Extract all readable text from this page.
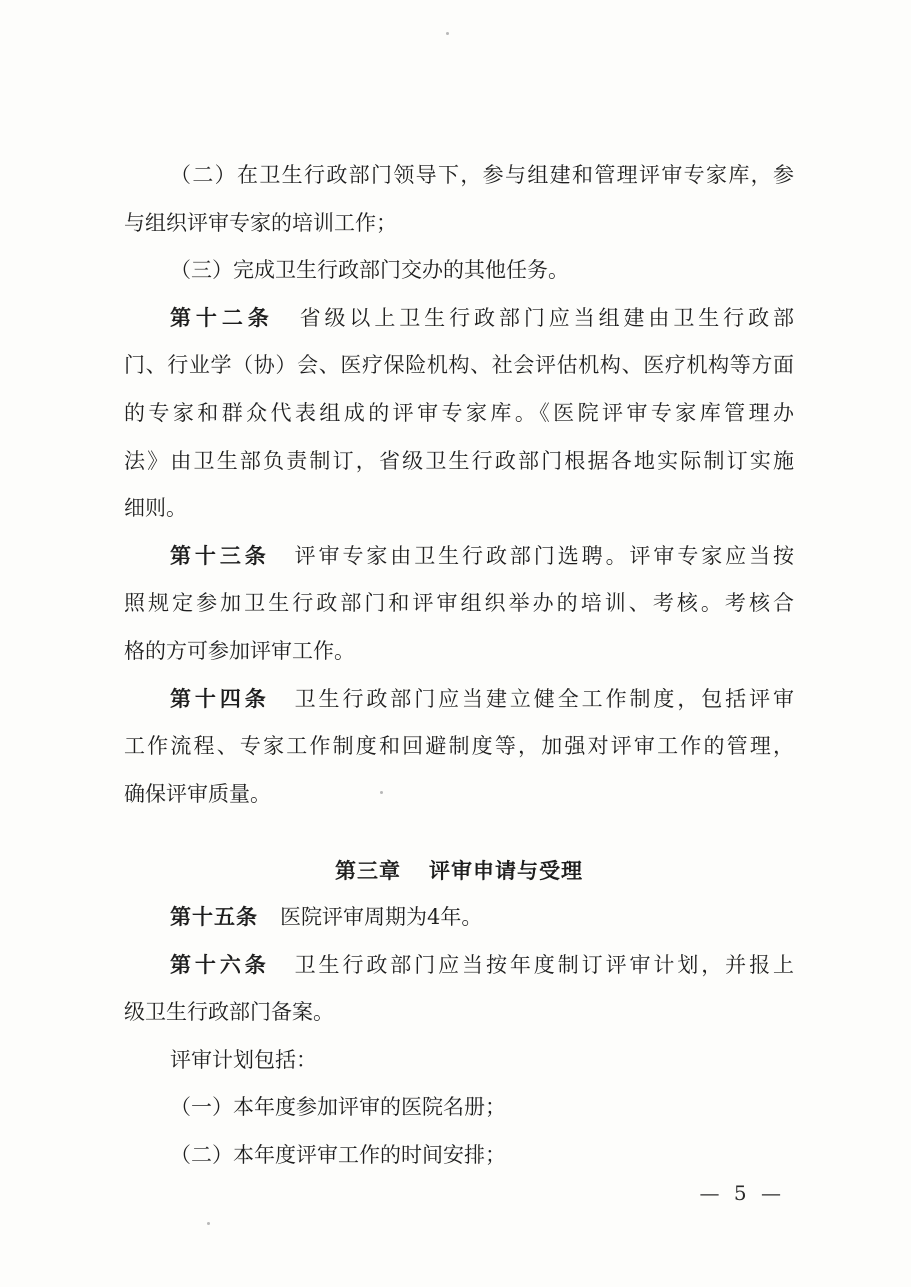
（二）在卫生行政部门领导下，参与组建和管理评审专家库，参
与组织评审专家的培训工作；
（三）完成卫生行政部门交办的其他任务。
第十二条 省级以上卫生行政部门应当组建由卫生行政部
门、行业学（协）会、医疗保险机构、社会评估机构、医疗机构等方面
的专家和群众代表组成的评审专家库。《医院评审专家库管理办
法》由卫生部负责制订，省级卫生行政部门根据各地实际制订实施
细则。
第十三条 评审专家由卫生行政部门选聘。评审专家应当按
照规定参加卫生行政部门和评审组织举办的培训、考核。考核合
格的方可参加评审工作。
第十四条 卫生行政部门应当建立健全工作制度，包括评审
工作流程、专家工作制度和回避制度等，加强对评审工作的管理，
确保评审质量。
第三章 评审申请与受理
第十五条 医院评审周期为4年。
第十六条 卫生行政部门应当按年度制订评审计划，并报上
级卫生行政部门备案。
评审计划包括：
（一）本年度参加评审的医院名册；
（二）本年度评审工作的时间安排；
— 5 —
